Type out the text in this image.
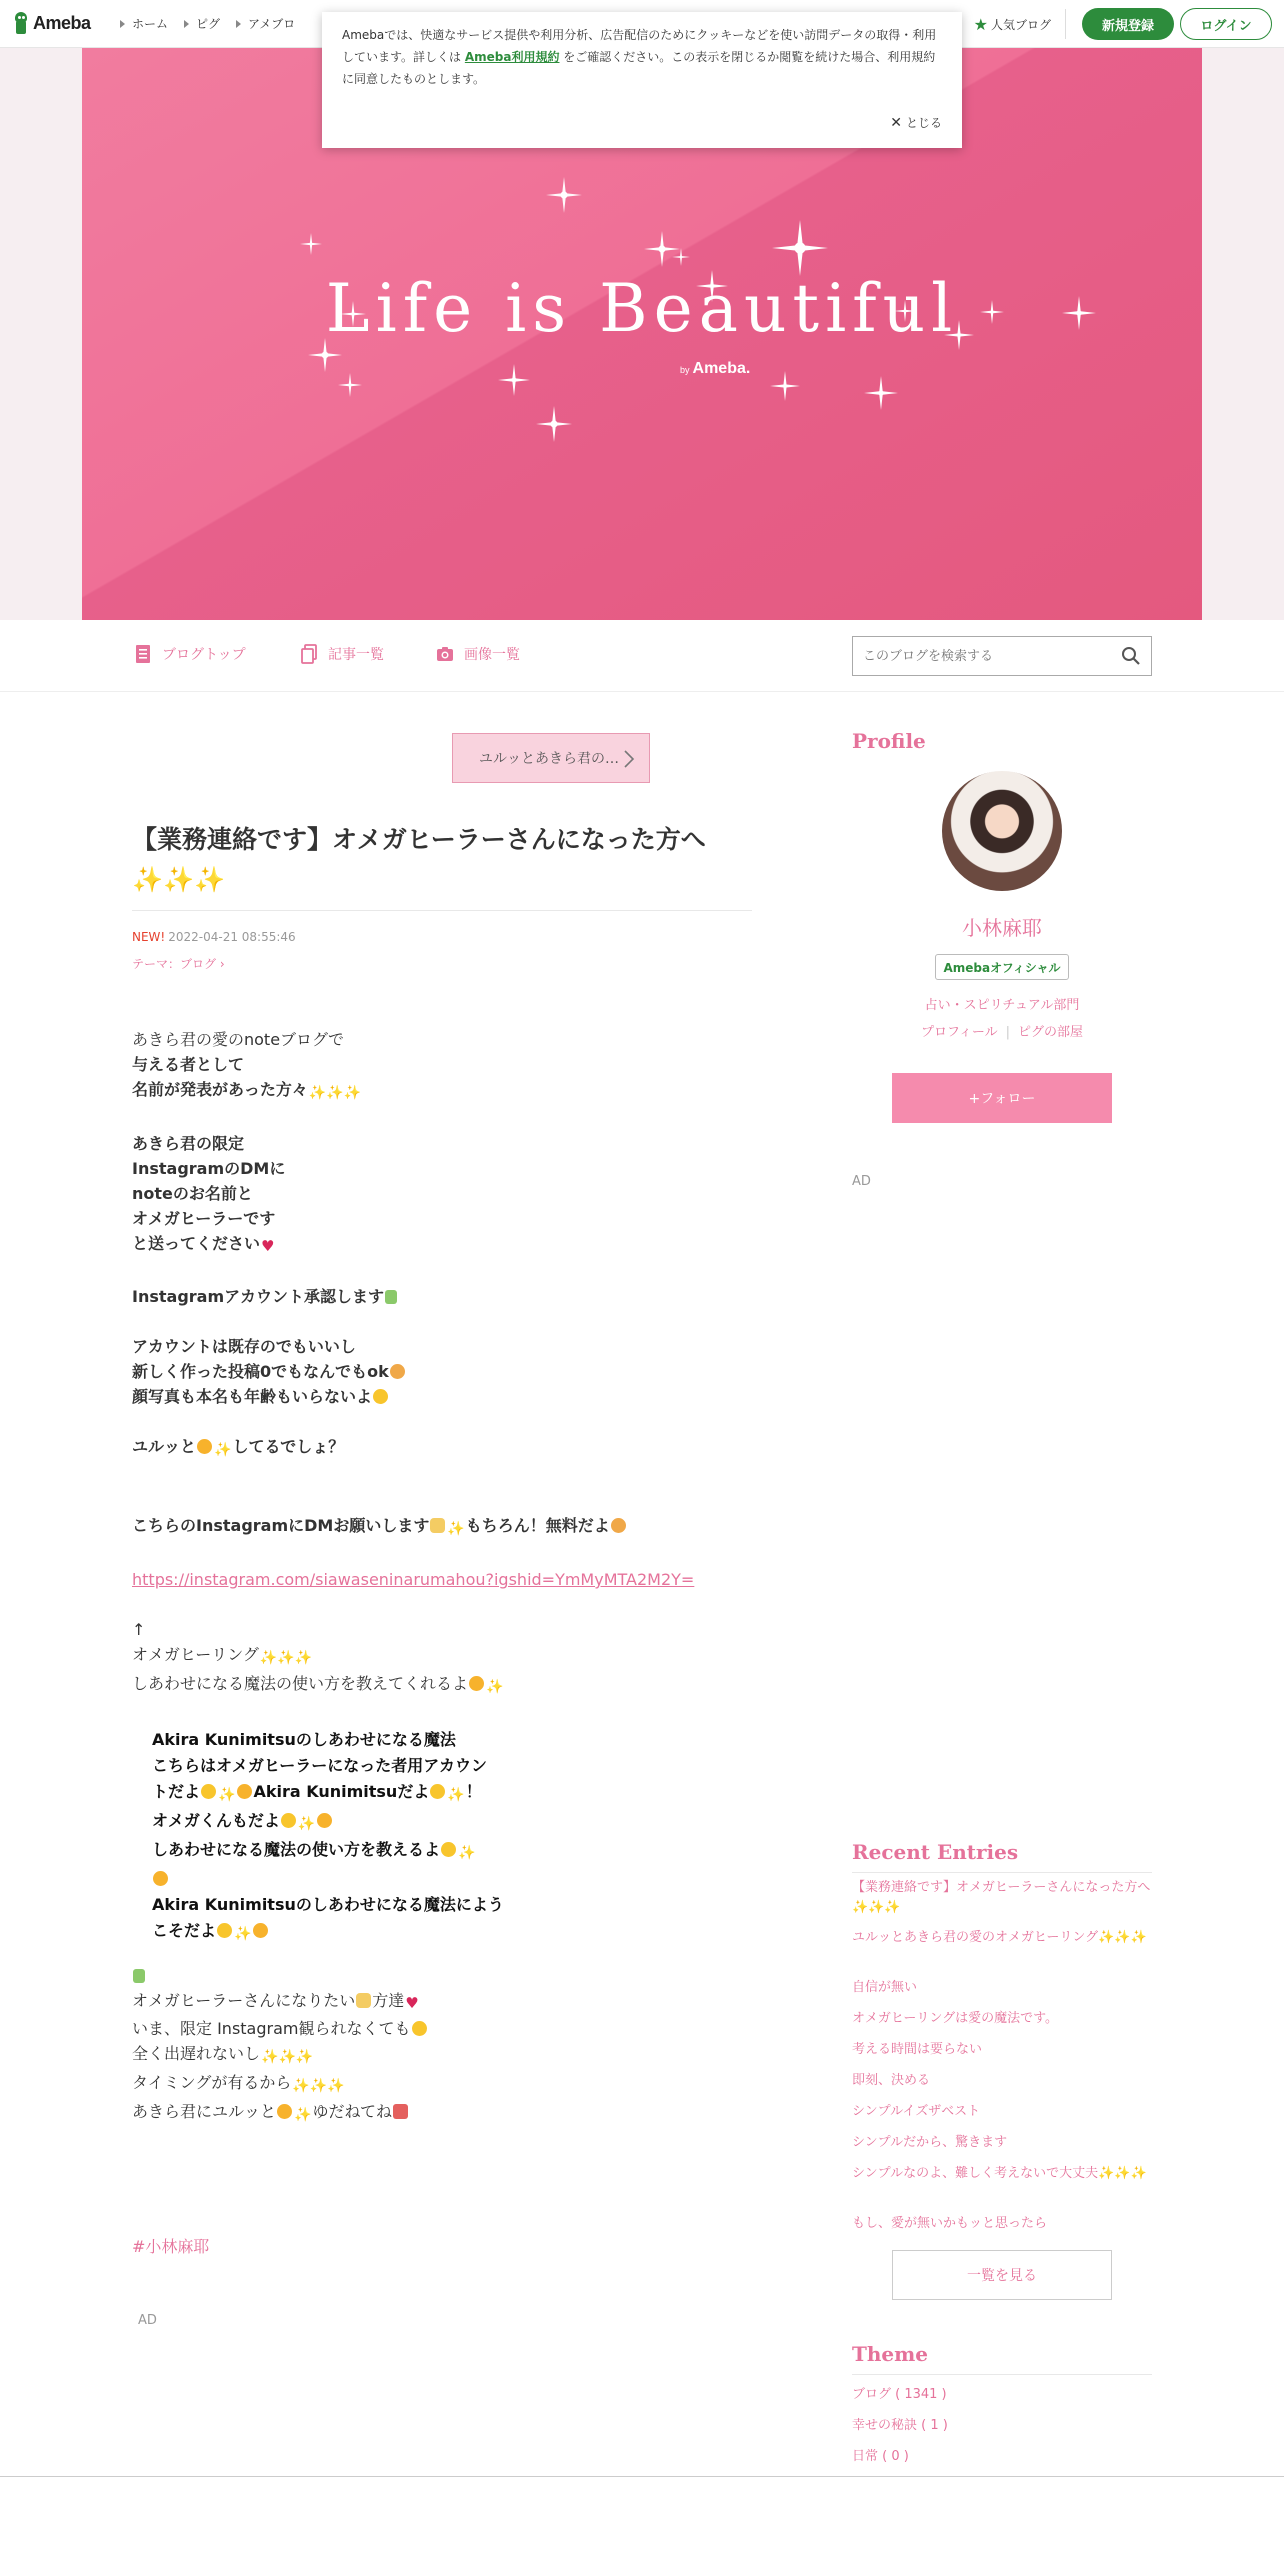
Ameba	ホーム ピグ アメブロ	★ 人気ブログ	新規登録	ログイン
Amebaでは、快適なサービス提供や利用分析、広告配信のためにクッキーなどを使い訪問データの取得・利用しています。詳しくは Ameba利用規約 をご確認ください。この表示を閉じるか閲覧を続けた場合、利用規約に同意したものとします。
✕ とじる
Life is Beautiful
by Ameba.
ブログトップ	記事一覧	画像一覧
このブログを検索する
ユルッとあきら君の…
【業務連絡です】オメガヒーラーさんになった方へ✨✨✨
NEW! 2022-04-21 08:55:46
テーマ：ブログ ›
あきら君の愛のnoteブログで
与える者として
名前が発表があった方々✨✨✨
あきら君の限定
InstagramのDMに
noteのお名前と
オメガヒーラーです
と送ってください♥
Instagramアカウント承認します
アカウントは既存のでもいいし
新しく作った投稿0でもなんでもok
顔写真も本名も年齢もいらないよ
ユルッと ✨してるでしょ？
こちらのInstagramにDMお願いします ✨もちろん！無料だよ
https://instagram.com/siawaseninarumahou?igshid=YmMyMTA2M2Y=
↑
オメガヒーリング✨✨✨
しあわせになる魔法の使い方を教えてくれるよ ✨
Akira Kunimitsuのしあわせになる魔法
こちらはオメガヒーラーになった者用アカウン
トだよ ✨ Akira Kunimitsuだよ ✨！
オメガくんもだよ ✨
しあわせになる魔法の使い方を教えるよ ✨
Akira Kunimitsuのしあわせになる魔法によう
こそだよ ✨
オメガヒーラーさんになりたい 方達♥
いま、限定 Instagram観られなくても
全く出遅れないし✨✨✨
タイミングが有るから✨✨✨
あきら君にユルッと ✨ゆだねてね
#小林麻耶
AD
Profile
小林麻耶
Amebaオフィシャル
占い・スピリチュアル部門
プロフィール | ピグの部屋
+フォロー
AD
Recent Entries
【業務連絡です】オメガヒーラーさんになった方へ✨✨✨
ユルッとあきら君の愛のオメガヒーリング✨✨✨
自信が無い
オメガヒーリングは愛の魔法です。
考える時間は要らない
即刻、決める
シンプルイズザベスト
シンプルだから、驚きます
シンプルなのよ、難しく考えないで大丈夫✨✨✨
もし、愛が無いかもッと思ったら
一覧を見る
Theme
ブログ ( 1341 )
幸せの秘訣 ( 1 )
日常 ( 0 )
